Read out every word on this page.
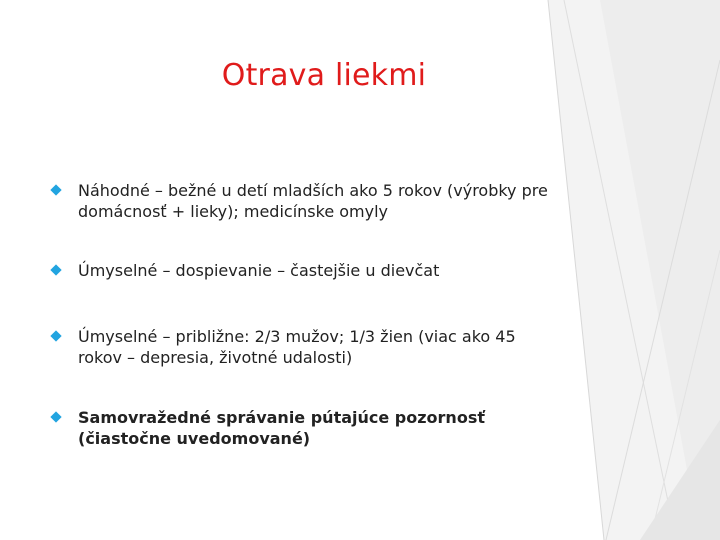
Otrava liekmi
Náhodné – bežné u detí mladších ako 5 rokov (výrobky pre domácnosť + lieky); medicínske omyly
Úmyselné – dospievanie – častejšie u dievčat
Úmyselné – približne: 2/3 mužov; 1/3 žien (viac ako 45 rokov – depresia, životné udalosti)
Samovražedné správanie pútajúce pozornosť (čiastočne uvedomované)
